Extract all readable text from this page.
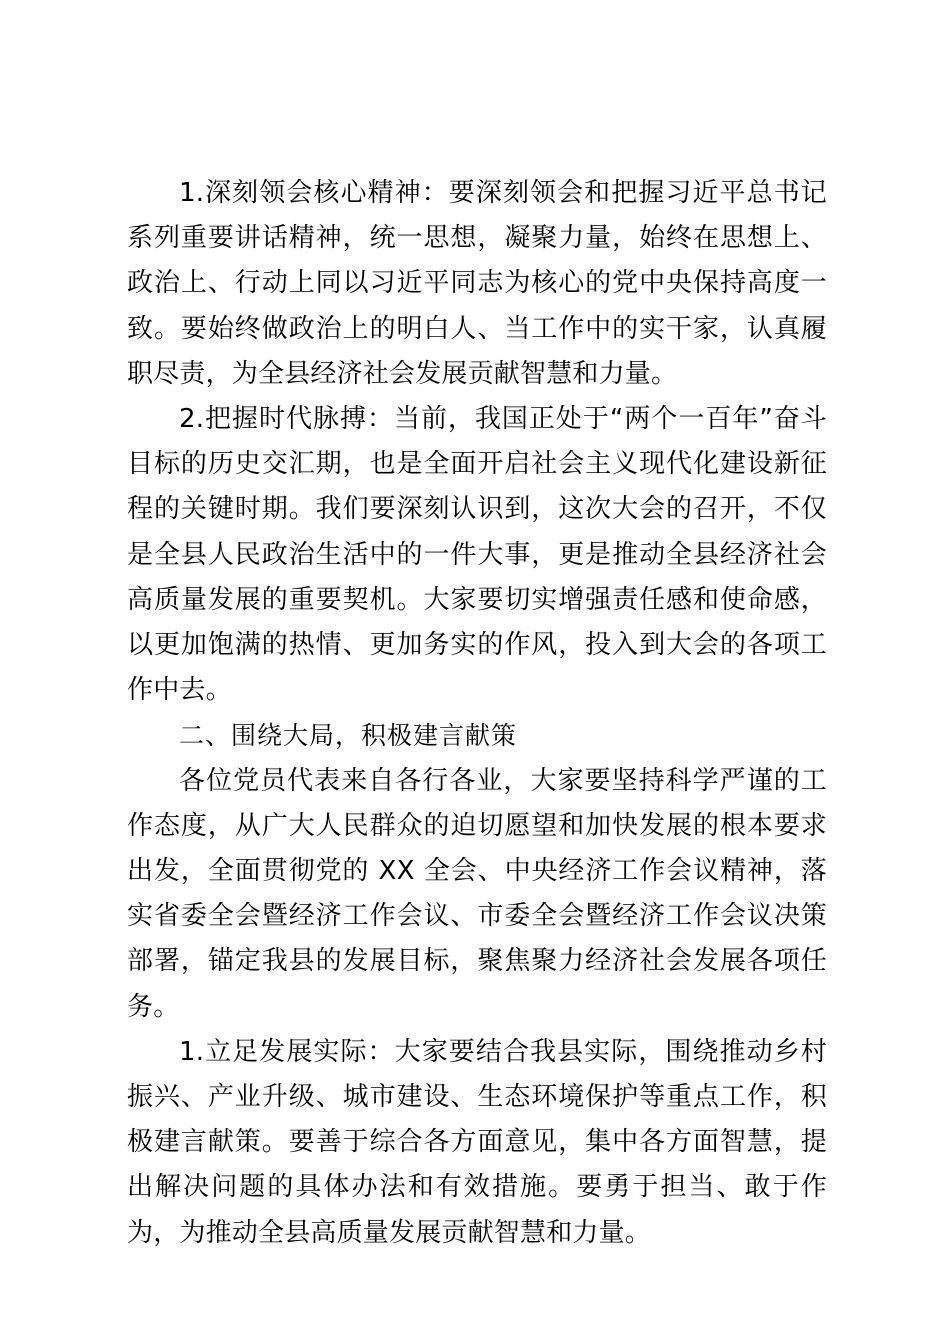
1.深刻领会核心精神：要深刻领会和把握习近平总书记系列重要讲话精神，统一思想，凝聚力量，始终在思想上、政治上、行动上同以习近平同志为核心的党中央保持高度一致。要始终做政治上的明白人、当工作中的实干家，认真履职尽责，为全县经济社会发展贡献智慧和力量。

2.把握时代脉搏：当前，我国正处于“两个一百年”奋斗目标的历史交汇期，也是全面开启社会主义现代化建设新征程的关键时期。我们要深刻认识到，这次大会的召开，不仅是全县人民政治生活中的一件大事，更是推动全县经济社会高质量发展的重要契机。大家要切实增强责任感和使命感，以更加饱满的热情、更加务实的作风，投入到大会的各项工作中去。

二、围绕大局，积极建言献策

各位党员代表来自各行各业，大家要坚持科学严谨的工作态度，从广大人民群众的迫切愿望和加快发展的根本要求出发，全面贯彻党的 XX 全会、中央经济工作会议精神，落实省委全会暨经济工作会议、市委全会暨经济工作会议决策部署，锚定我县的发展目标，聚焦聚力经济社会发展各项任务。

1.立足发展实际：大家要结合我县实际，围绕推动乡村振兴、产业升级、城市建设、生态环境保护等重点工作，积极建言献策。要善于综合各方面意见，集中各方面智慧，提出解决问题的具体办法和有效措施。要勇于担当、敢于作为，为推动全县高质量发展贡献智慧和力量。
